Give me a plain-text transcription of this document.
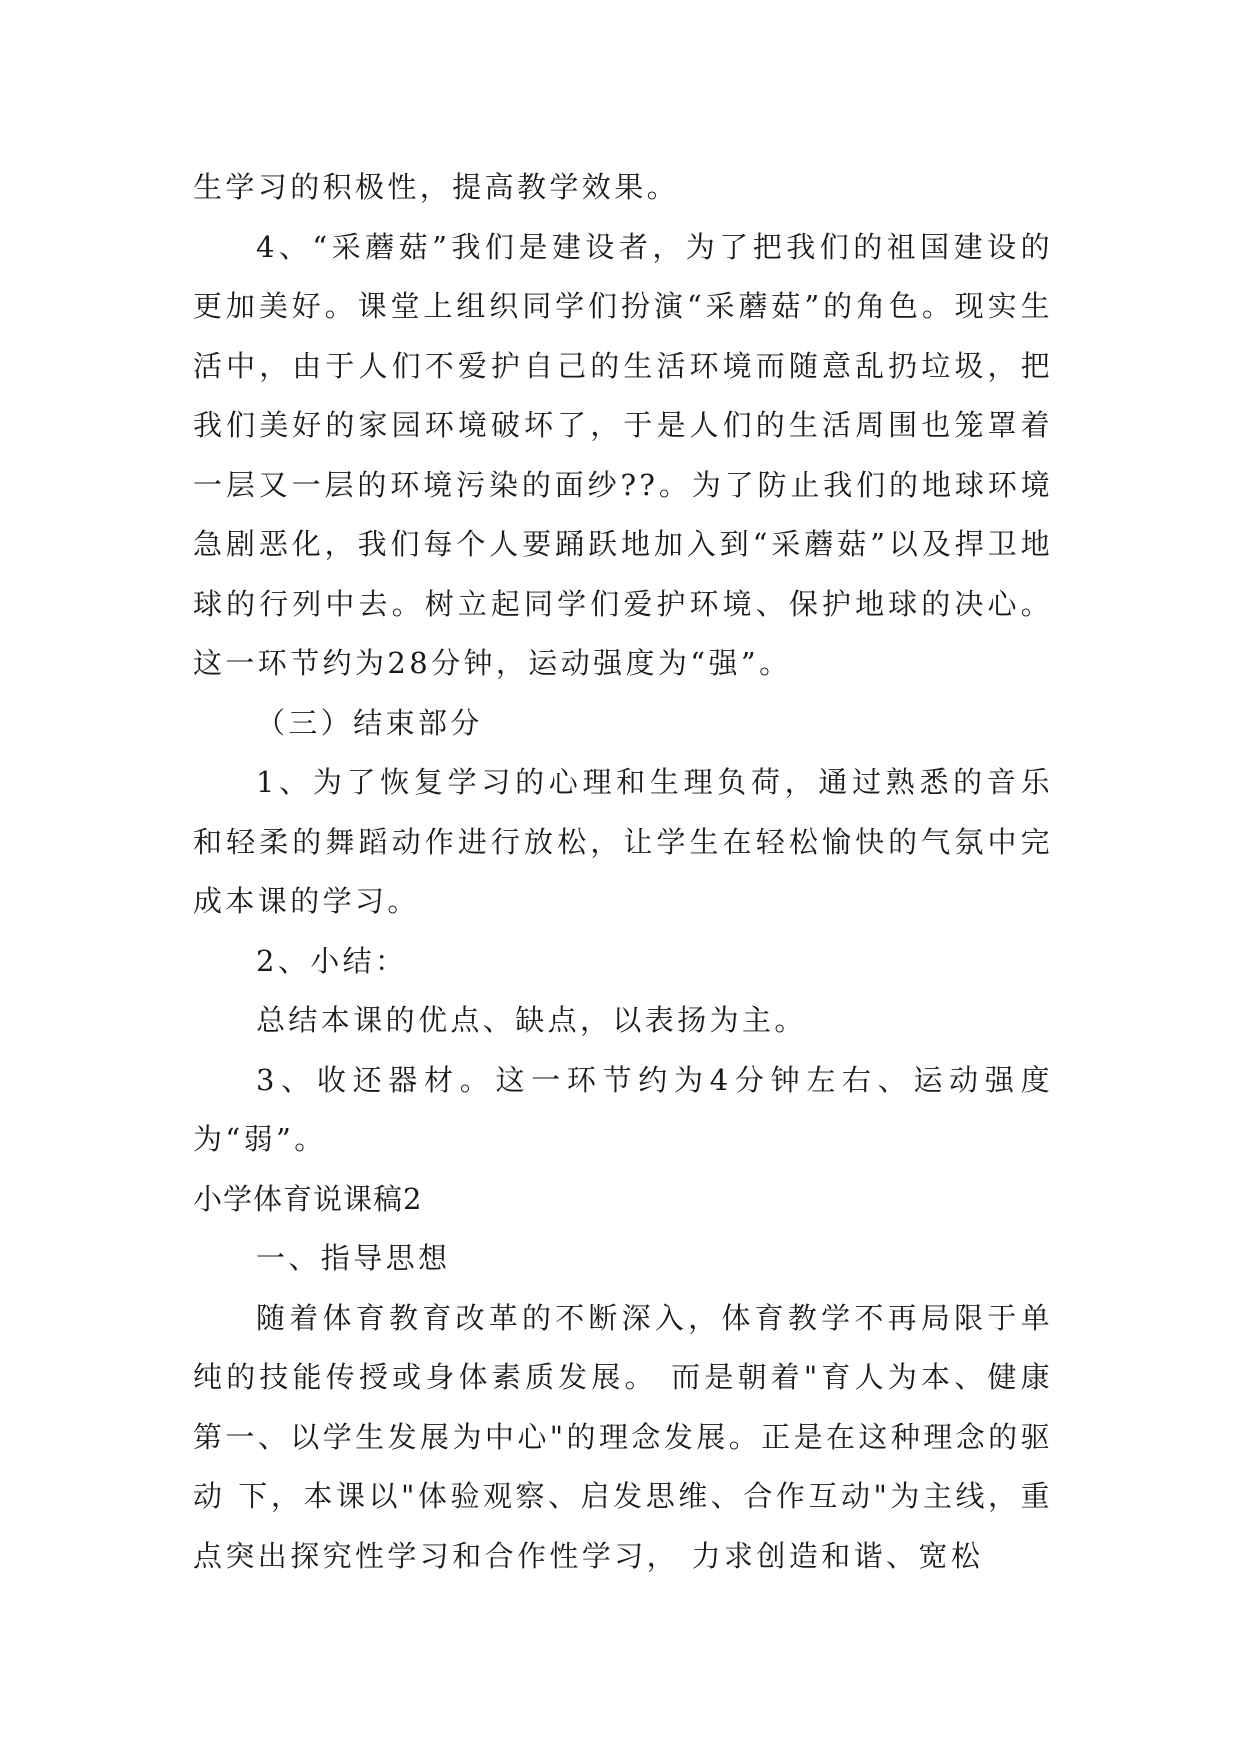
生学习的积极性，提高教学效果。

4、“采蘑菇”我们是建设者，为了把我们的祖国建设的更加美好。课堂上组织同学们扮演“采蘑菇”的角色。现实生活中，由于人们不爱护自己的生活环境而随意乱扔垃圾，把我们美好的家园环境破坏了，于是人们的生活周围也笼罩着一层又一层的环境污染的面纱??。为了防止我们的地球环境急剧恶化，我们每个人要踊跃地加入到“采蘑菇”以及捍卫地球的行列中去。树立起同学们爱护环境、保护地球的决心。这一环节约为28分钟，运动强度为“强”。

（三）结束部分

1、为了恢复学习的心理和生理负荷，通过熟悉的音乐和轻柔的舞蹈动作进行放松，让学生在轻松愉快的气氛中完成本课的学习。

2、小结：

总结本课的优点、缺点，以表扬为主。

3、收还器材。这一环节约为4分钟左右、运动强度为“弱”。

小学体育说课稿2

一、指导思想

随着体育教育改革的不断深入，体育教学不再局限于单纯的技能传授或身体素质发展。 而是朝着"育人为本、健康第一、以学生发展为中心"的理念发展。正是在这种理念的驱动 下，本课以"体验观察、启发思维、合作互动"为主线，重点突出探究性学习和合作性学习， 力求创造和谐、宽松
